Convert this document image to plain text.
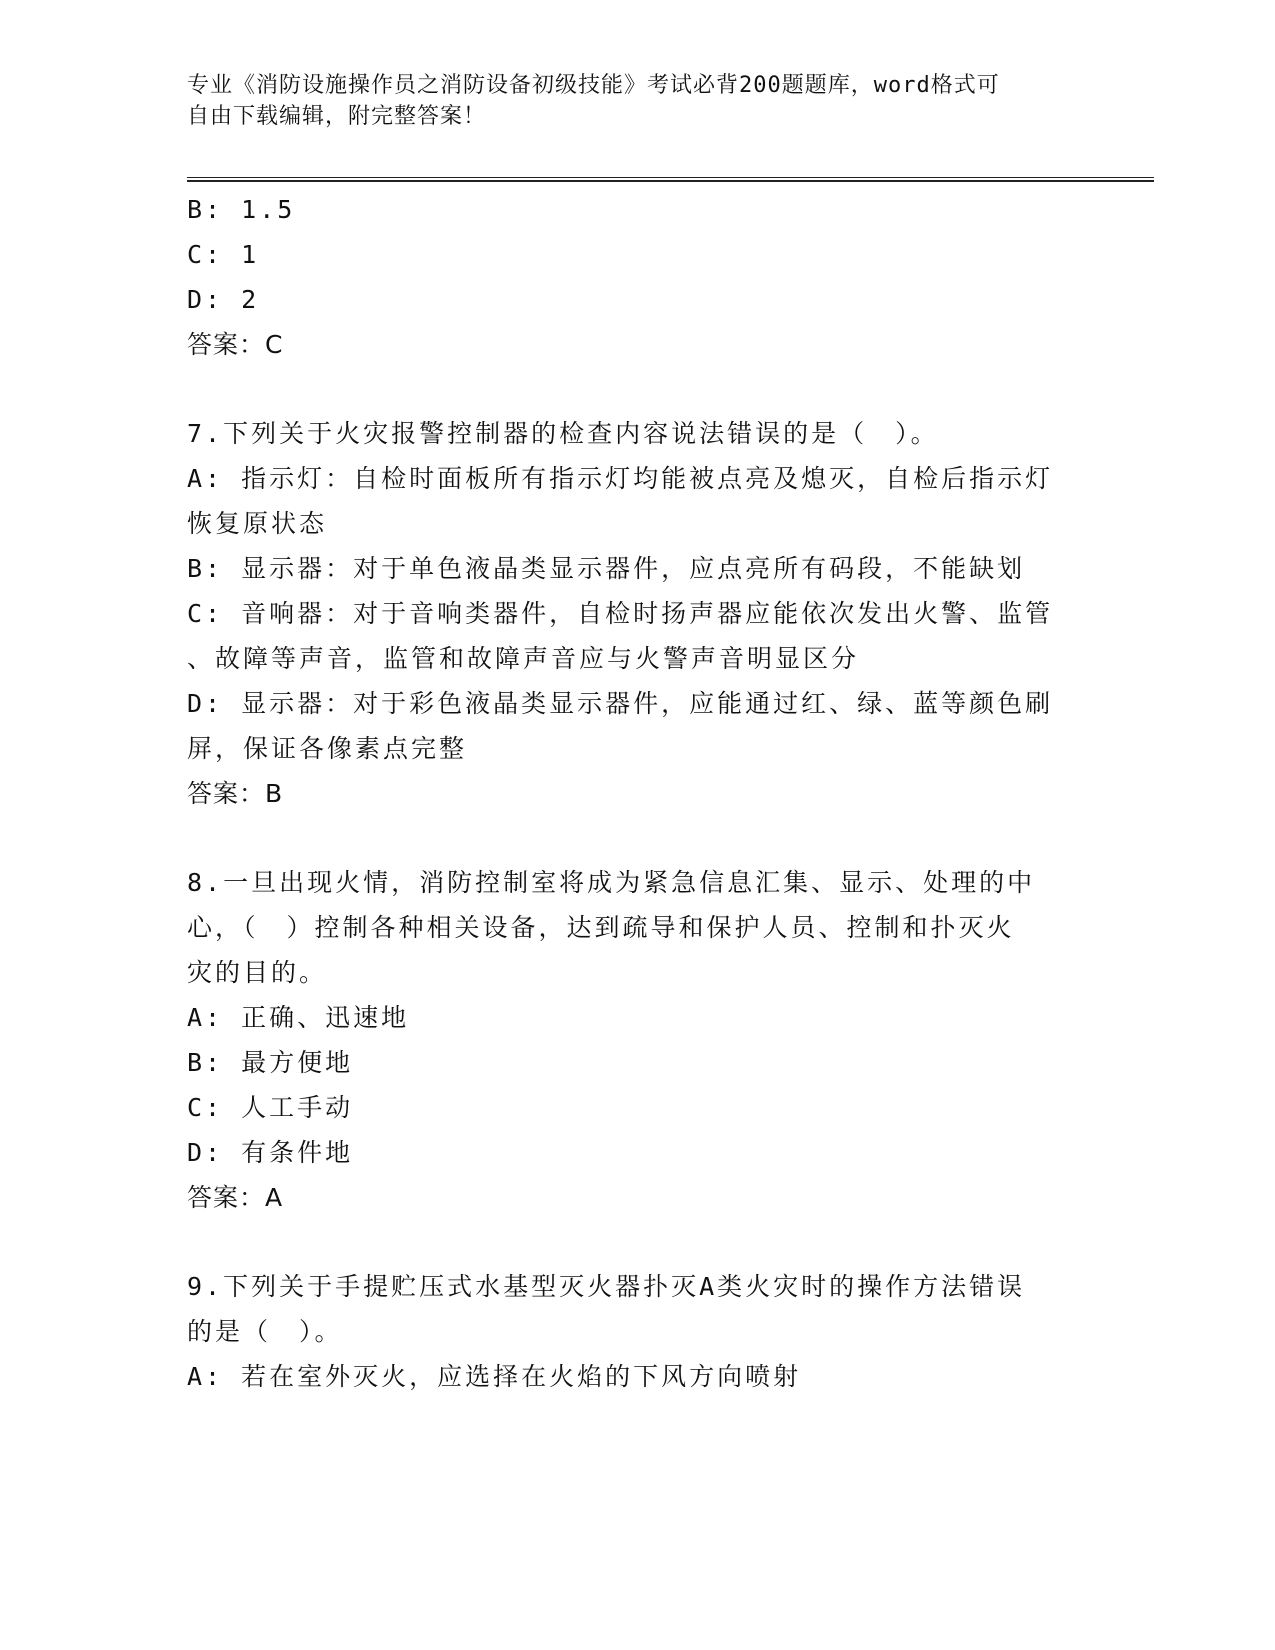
专业《消防设施操作员之消防设备初级技能》考试必背200题题库，word格式可
自由下载编辑，附完整答案！

B: 1.5

C: 1

D: 2

答案：C

7.下列关于火灾报警控制器的检查内容说法错误的是（　）。

A: 指示灯：自检时面板所有指示灯均能被点亮及熄灭，自检后指示灯

恢复原状态

B: 显示器：对于单色液晶类显示器件，应点亮所有码段，不能缺划

C: 音响器：对于音响类器件，自检时扬声器应能依次发出火警、监管

、故障等声音，监管和故障声音应与火警声音明显区分

D: 显示器：对于彩色液晶类显示器件，应能通过红、绿、蓝等颜色刷

屏，保证各像素点完整

答案：B

8.一旦出现火情，消防控制室将成为紧急信息汇集、显示、处理的中

心，（　）控制各种相关设备，达到疏导和保护人员、控制和扑灭火

灾的目的。

A: 正确、迅速地

B: 最方便地

C: 人工手动

D: 有条件地

答案：A

9.下列关于手提贮压式水基型灭火器扑灭A类火灾时的操作方法错误

的是（　）。

A: 若在室外灭火，应选择在火焰的下风方向喷射
